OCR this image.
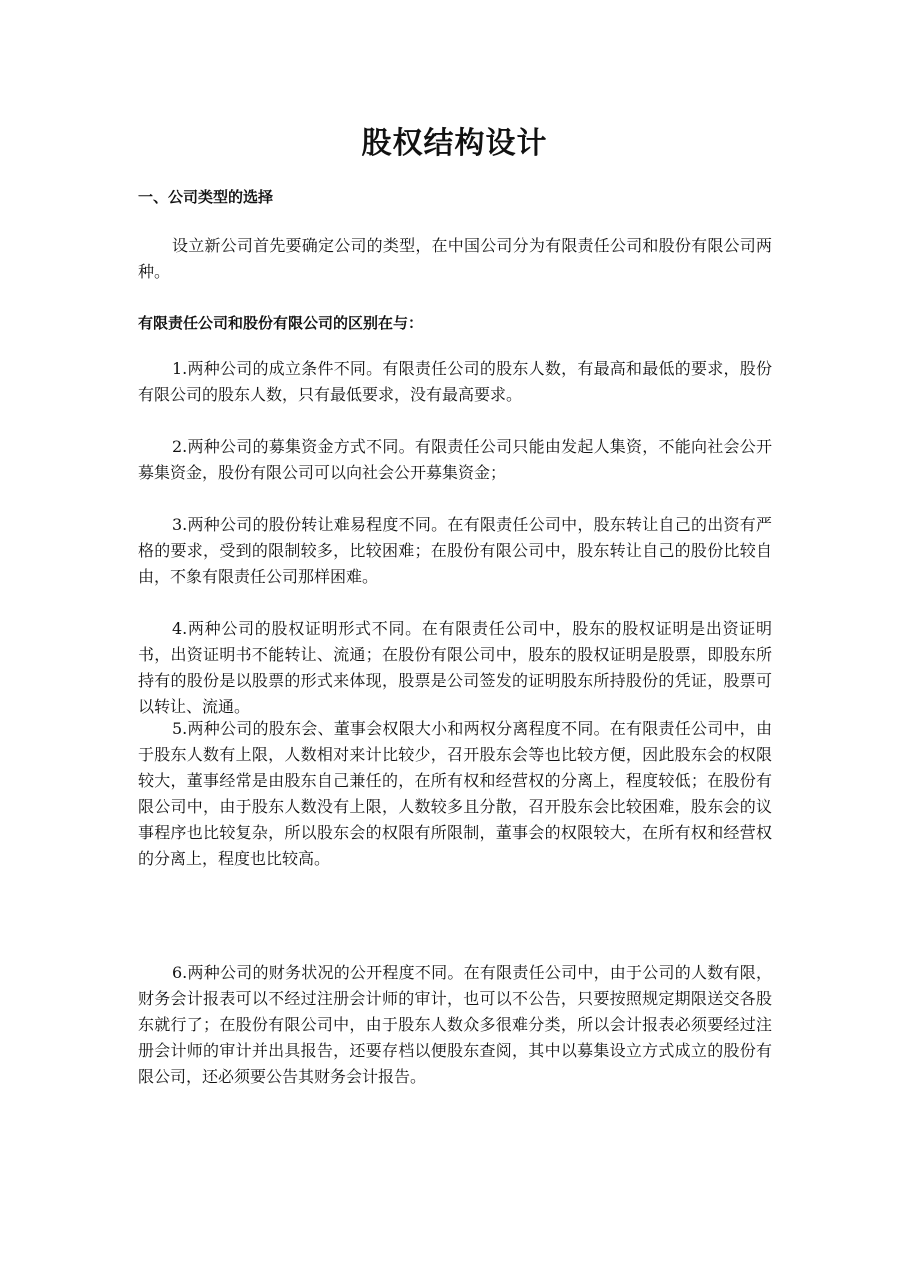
股权结构设计
一、公司类型的选择

设立新公司首先要确定公司的类型，在中国公司分为有限责任公司和股份有限公司两种。

有限责任公司和股份有限公司的区别在与：

1.两种公司的成立条件不同。有限责任公司的股东人数，有最高和最低的要求，股份有限公司的股东人数，只有最低要求，没有最高要求。

2.两种公司的募集资金方式不同。有限责任公司只能由发起人集资，不能向社会公开募集资金，股份有限公司可以向社会公开募集资金；

3.两种公司的股份转让难易程度不同。在有限责任公司中，股东转让自己的出资有严格的要求，受到的限制较多，比较困难；在股份有限公司中，股东转让自己的股份比较自由，不象有限责任公司那样困难。

4.两种公司的股权证明形式不同。在有限责任公司中，股东的股权证明是出资证明书，出资证明书不能转让、流通；在股份有限公司中，股东的股权证明是股票，即股东所持有的股份是以股票的形式来体现，股票是公司签发的证明股东所持股份的凭证，股票可以转让、流通。

5.两种公司的股东会、董事会权限大小和两权分离程度不同。在有限责任公司中，由于股东人数有上限，人数相对来计比较少，召开股东会等也比较方便，因此股东会的权限较大，董事经常是由股东自己兼任的，在所有权和经营权的分离上，程度较低；在股份有限公司中，由于股东人数没有上限，人数较多且分散，召开股东会比较困难，股东会的议事程序也比较复杂，所以股东会的权限有所限制，董事会的权限较大，在所有权和经营权的分离上，程度也比较高。

6.两种公司的财务状况的公开程度不同。在有限责任公司中，由于公司的人数有限，财务会计报表可以不经过注册会计师的审计，也可以不公告，只要按照规定期限送交各股东就行了；在股份有限公司中，由于股东人数众多很难分类，所以会计报表必须要经过注册会计师的审计并出具报告，还要存档以便股东查阅，其中以募集设立方式成立的股份有限公司，还必须要公告其财务会计报告。
